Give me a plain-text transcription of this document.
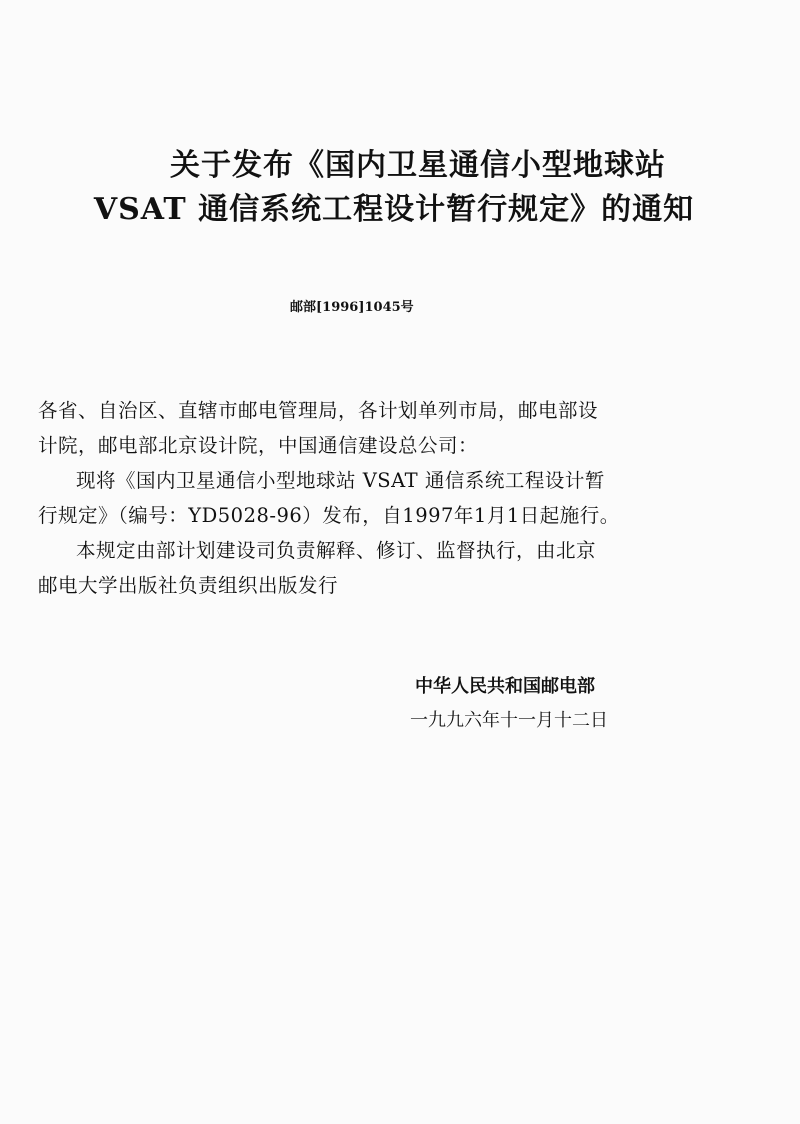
关于发布《国内卫星通信小型地球站
VSAT 通信系统工程设计暂行规定》的通知
邮部[1996]1045号
各省、自治区、直辖市邮电管理局，各计划单列市局，邮电部设
计院，邮电部北京设计院，中国通信建设总公司：
现将《国内卫星通信小型地球站 VSAT 通信系统工程设计暂
行规定》（编号：YD5028-96）发布，自1997年1月1日起施行。
本规定由部计划建设司负责解释、修订、监督执行，由北京
邮电大学出版社负责组织出版发行
中华人民共和国邮电部
一九九六年十一月十二日
